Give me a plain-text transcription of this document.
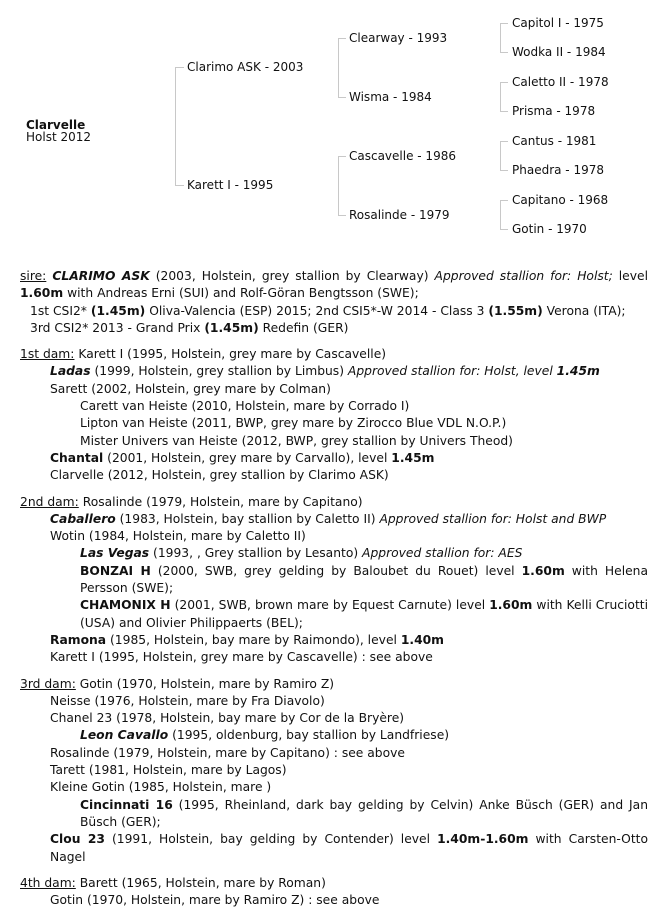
Clarvelle
Holst 2012
Clarimo ASK - 2003
Karett I - 1995
Clearway - 1993
Wisma - 1984
Cascavelle - 1986
Rosalinde - 1979
Capitol I - 1975
Wodka II - 1984
Caletto II - 1978
Prisma - 1978
Cantus - 1981
Phaedra - 1978
Capitano - 1968
Gotin - 1970
sire: CLARIMO ASK (2003, Holstein, grey stallion by Clearway) Approved stallion for: Holst; level 1.60m with Andreas Erni (SUI) and Rolf-Göran Bengtsson (SWE);
1st CSI2* (1.45m) Oliva-Valencia (ESP) 2015; 2nd CSI5*-W 2014 - Class 3 (1.55m) Verona (ITA);
3rd CSI2* 2013 - Grand Prix (1.45m) Redefin (GER)
1st dam: Karett I (1995, Holstein, grey mare by Cascavelle)
Ladas (1999, Holstein, grey stallion by Limbus) Approved stallion for: Holst, level 1.45m
Sarett (2002, Holstein, grey mare by Colman)
Carett van Heiste (2010, Holstein, mare by Corrado I)
Lipton van Heiste (2011, BWP, grey mare by Zirocco Blue VDL N.O.P.)
Mister Univers van Heiste (2012, BWP, grey stallion by Univers Theod)
Chantal (2001, Holstein, grey mare by Carvallo), level 1.45m
Clarvelle (2012, Holstein, grey stallion by Clarimo ASK)
2nd dam: Rosalinde (1979, Holstein, mare by Capitano)
Caballero (1983, Holstein, bay stallion by Caletto II) Approved stallion for: Holst and BWP
Wotin (1984, Holstein, mare by Caletto II)
Las Vegas (1993, , Grey stallion by Lesanto) Approved stallion for: AES
BONZAI H (2000, SWB, grey gelding by Baloubet du Rouet) level 1.60m with Helena Persson (SWE);
CHAMONIX H (2001, SWB, brown mare by Equest Carnute) level 1.60m with Kelli Cruciotti (USA) and Olivier Philippaerts (BEL);
Ramona (1985, Holstein, bay mare by Raimondo), level 1.40m
Karett I (1995, Holstein, grey mare by Cascavelle) : see above
3rd dam: Gotin (1970, Holstein, mare by Ramiro Z)
Neisse (1976, Holstein, mare by Fra Diavolo)
Chanel 23 (1978, Holstein, bay mare by Cor de la Bryère)
Leon Cavallo (1995, oldenburg, bay stallion by Landfriese)
Rosalinde (1979, Holstein, mare by Capitano) : see above
Tarett (1981, Holstein, mare by Lagos)
Kleine Gotin (1985, Holstein, mare )
Cincinnati 16 (1995, Rheinland, dark bay gelding by Celvin) Anke Büsch (GER) and Jan Büsch (GER);
Clou 23 (1991, Holstein, bay gelding by Contender) level 1.40m-1.60m with Carsten-Otto Nagel
4th dam: Barett (1965, Holstein, mare by Roman)
Gotin (1970, Holstein, mare by Ramiro Z) : see above
